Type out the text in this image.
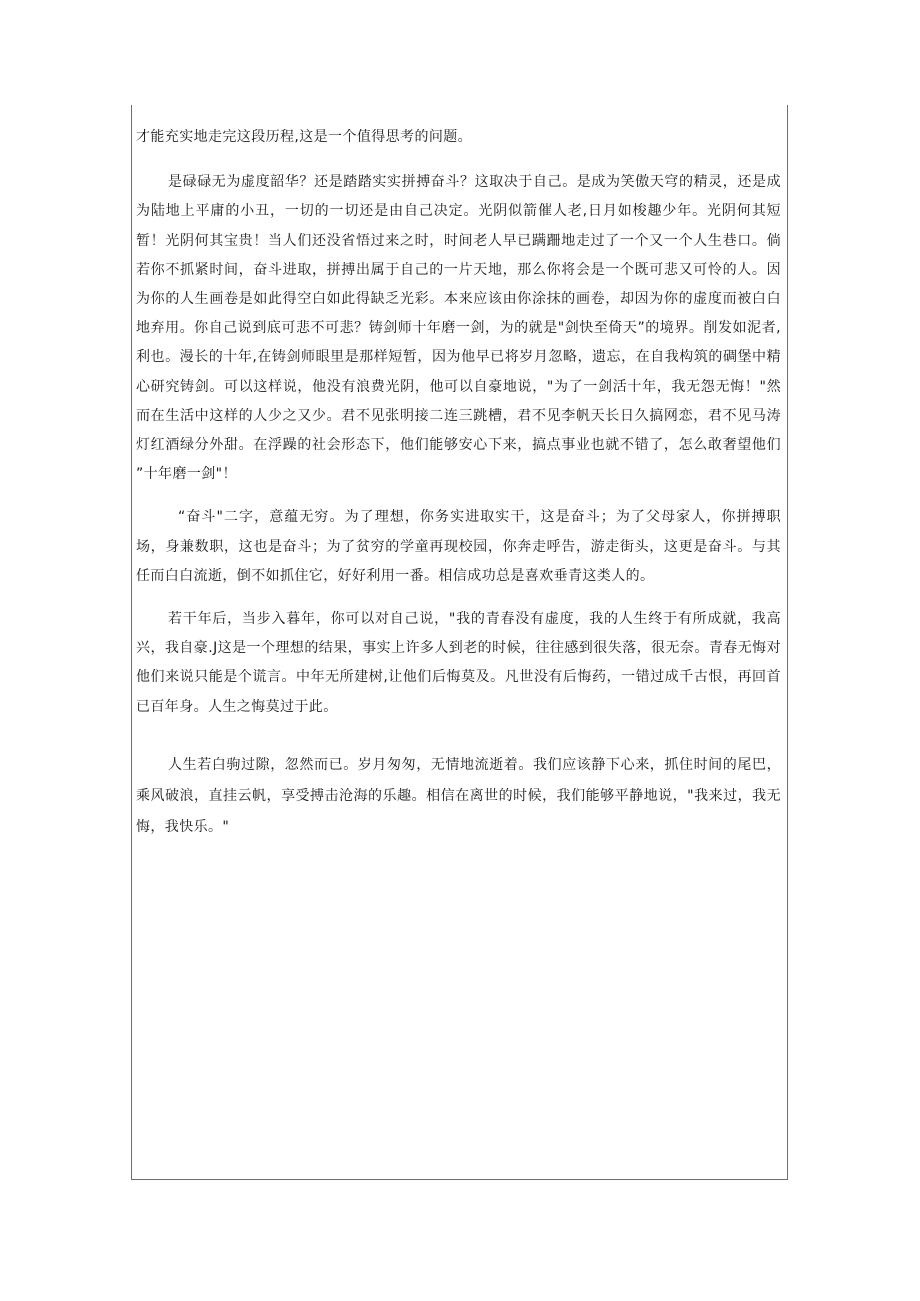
才能充实地走完这段历程,这是一个值得思考的问题。

是碌碌无为虚度韶华？还是踏踏实实拼搏奋斗？这取决于自己。是成为笑傲天穹的精灵，还是成为陆地上平庸的小丑，一切的一切还是由自己决定。光阴似箭催人老,日月如梭趣少年。光阴何其短暂！光阴何其宝贵！当人们还没省悟过来之时，时间老人早已蹒跚地走过了一个又一个人生巷口。倘若你不抓紧时间，奋斗进取，拼搏出属于自己的一片天地，那么你将会是一个既可悲又可怜的人。因为你的人生画卷是如此得空白如此得缺乏光彩。本来应该由你涂抹的画卷，却因为你的虚度而被白白地弃用。你自己说到底可悲不可悲？铸剑师十年磨一剑，为的就是"剑快至倚天”的境界。削发如泥者,利也。漫长的十年,在铸剑师眼里是那样短暂，因为他早已将岁月忽略，遗忘，在自我构筑的碉堡中精心研究铸剑。可以这样说，他没有浪费光阴，他可以自豪地说，"为了一剑活十年，我无怨无悔！"然而在生活中这样的人少之又少。君不见张明接二连三跳槽，君不见李帆天长日久搞网恋，君不见马涛灯红酒绿分外甜。在浮躁的社会形态下，他们能够安心下来，搞点事业也就不错了，怎么敢奢望他们 ”十年磨一剑"！

“奋斗"二字，意蕴无穷。为了理想，你务实进取实干，这是奋斗；为了父母家人，你拼搏职场，身兼数职，这也是奋斗；为了贫穷的学童再现校园，你奔走呼告，游走街头，这更是奋斗。与其任而白白流逝，倒不如抓住它，好好利用一番。相信成功总是喜欢垂青这类人的。

若干年后，当步入暮年，你可以对自己说，"我的青春没有虚度，我的人生终于有所成就，我高兴，我自豪.J这是一个理想的结果，事实上许多人到老的时候，往往感到很失落，很无奈。青春无悔对他们来说只能是个谎言。中年无所建树,让他们后悔莫及。凡世没有后悔药，一错过成千古恨，再回首已百年身。人生之悔莫过于此。

人生若白驹过隙，忽然而已。岁月匆匆，无情地流逝着。我们应该静下心来，抓住时间的尾巴，乘风破浪，直挂云帆，享受搏击沧海的乐趣。相信在离世的时候，我们能够平静地说，"我来过，我无悔，我快乐。"
